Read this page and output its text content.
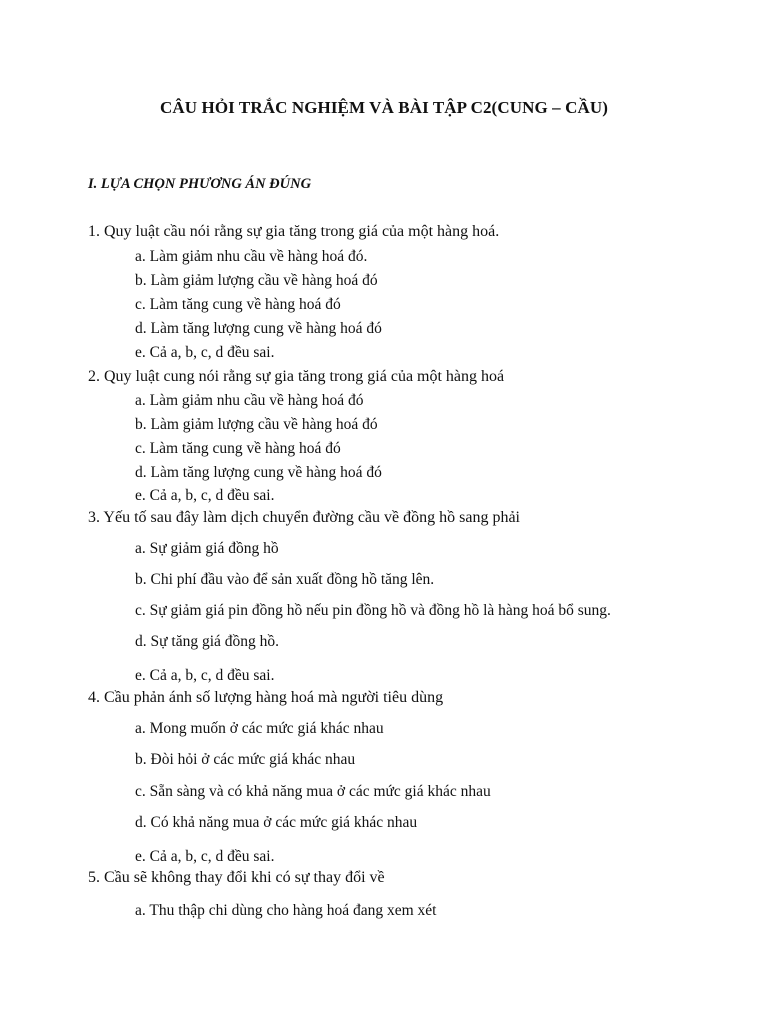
CÂU HỎI TRẮC NGHIỆM VÀ BÀI TẬP C2(CUNG – CẦU)
I. LỰA CHỌN PHƯƠNG ÁN ĐÚNG
1. Quy luật cầu nói rằng sự gia tăng trong giá của một hàng hoá.
a. Làm giảm nhu cầu về hàng hoá đó.
b. Làm giảm lượng cầu về hàng hoá đó
c. Làm tăng cung về hàng hoá đó
d. Làm tăng lượng cung về hàng hoá đó
e. Cả a, b, c, d đều sai.
2. Quy luật cung nói rằng sự gia tăng trong giá của một hàng hoá
a. Làm giảm nhu cầu về hàng hoá đó
b. Làm giảm lượng cầu về hàng hoá đó
c. Làm tăng cung về hàng hoá đó
d. Làm tăng lượng cung về hàng hoá đó
e. Cả a, b, c, d đều sai.
3. Yếu tố sau đây làm dịch chuyển đường cầu về đồng hồ sang phải
a. Sự giảm giá đồng hồ
b. Chi phí đầu vào để sản xuất đồng hồ tăng lên.
c. Sự giảm giá pin đồng hồ nếu pin đồng hồ và đồng hồ là hàng hoá bổ sung.
d. Sự tăng giá đồng hồ.
e. Cả a, b, c, d đều sai.
4. Cầu phản ánh số lượng hàng hoá mà người tiêu dùng
a. Mong muốn ở các mức giá khác nhau
b. Đòi hỏi ở các mức giá khác nhau
c. Sẵn sàng và có khả năng mua ở các mức giá khác nhau
d. Có khả năng mua ở các mức giá khác nhau
e. Cả a, b, c, d đều sai.
5. Cầu sẽ không thay đổi khi có sự thay đổi về
a. Thu thập chi dùng cho hàng hoá đang xem xét
